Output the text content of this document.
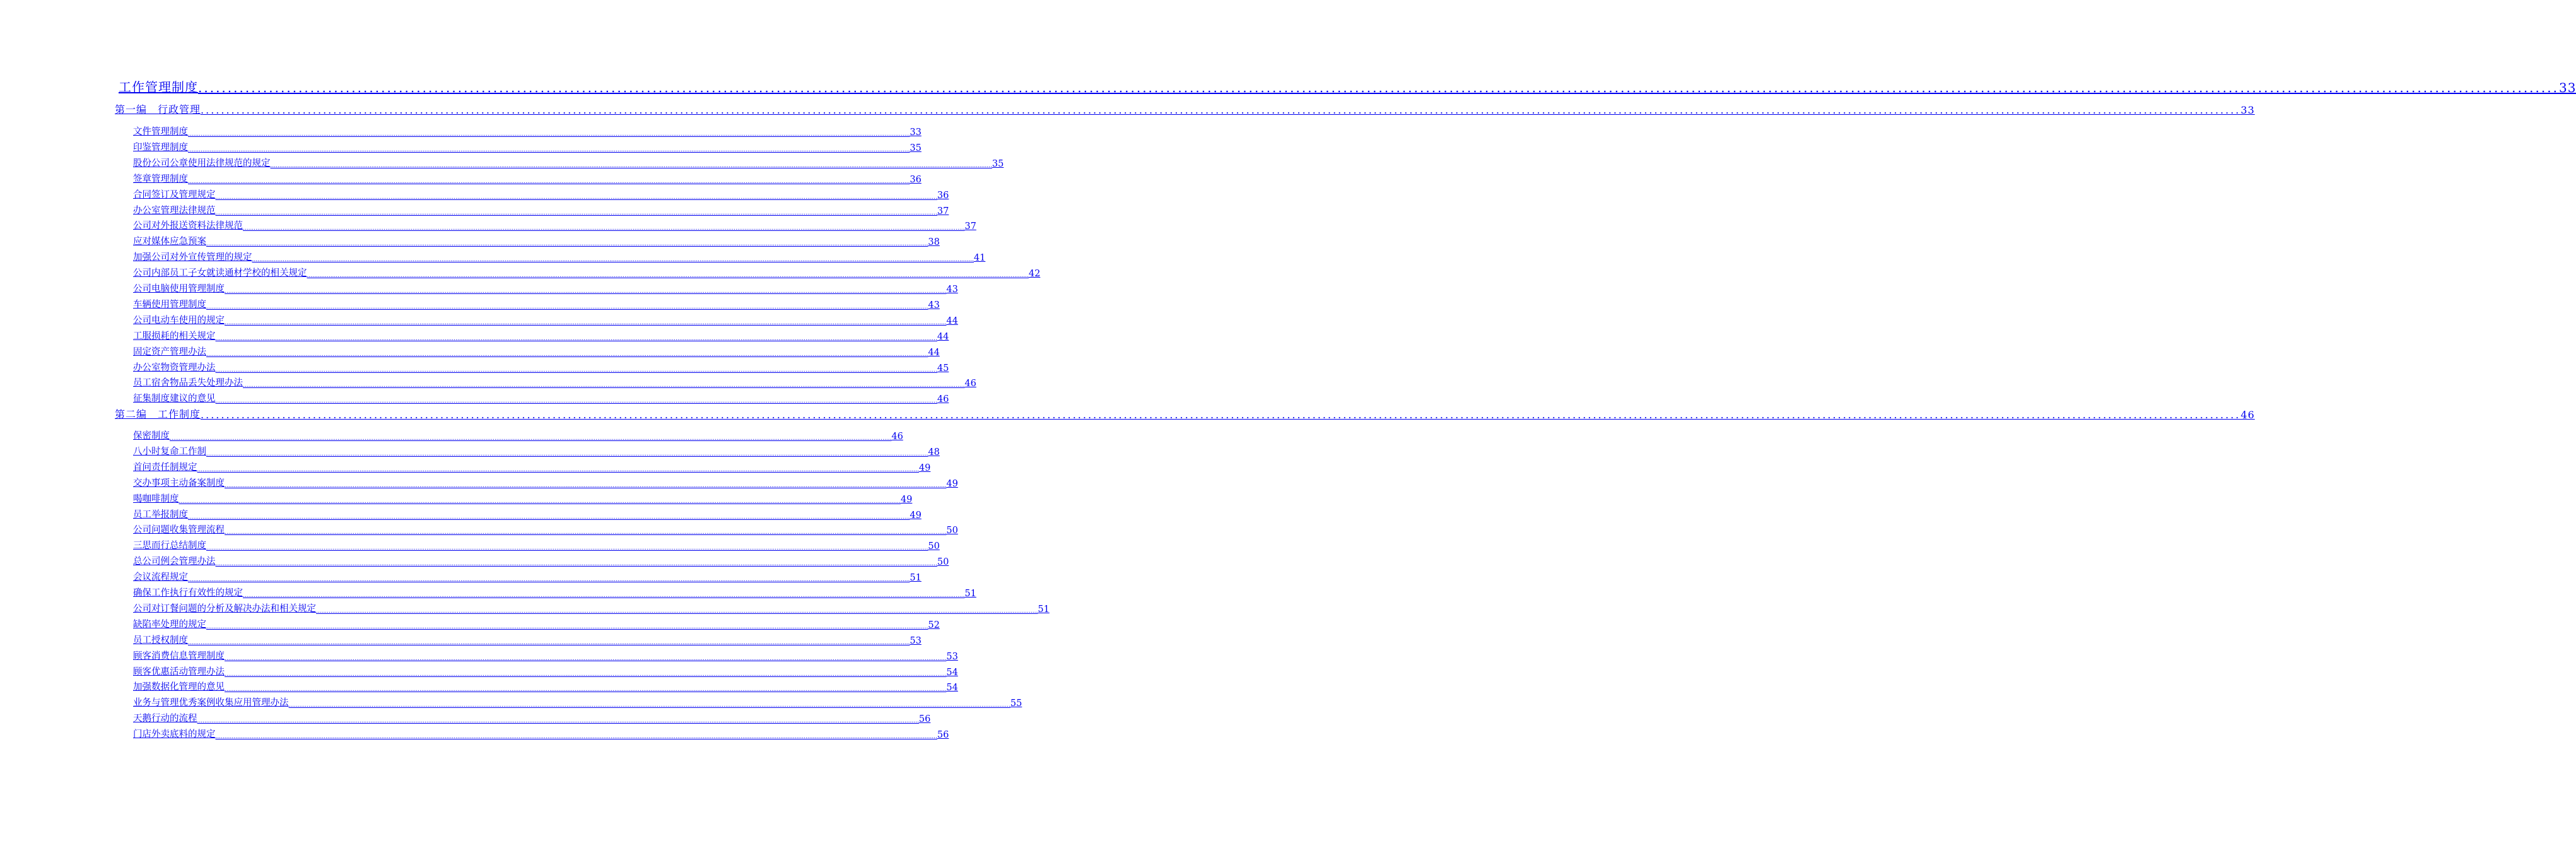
工作管理制度 ................................................................................................................................................................................................................................................................................................................................................................................................................ 33
第一编　行政管理 ................................................................................................................................................................................................................................................................................................................................................................................................................ 33
文件管理制度 ................................................................................................................................................................................................................................................................................................................................................................................................................ 33
印鉴管理制度 ................................................................................................................................................................................................................................................................................................................................................................................................................ 35
股份公司公章使用法律规范的规定 ................................................................................................................................................................................................................................................................................................................................................................................................................ 35
签章管理制度 ................................................................................................................................................................................................................................................................................................................................................................................................................ 36
合同签订及管理规定 ................................................................................................................................................................................................................................................................................................................................................................................................................ 36
办公室管理法律规范 ................................................................................................................................................................................................................................................................................................................................................................................................................ 37
公司对外报送资料法律规范 ................................................................................................................................................................................................................................................................................................................................................................................................................ 37
应对媒体应急预案 ................................................................................................................................................................................................................................................................................................................................................................................................................ 38
加强公司对外宣传管理的规定 ................................................................................................................................................................................................................................................................................................................................................................................................................ 41
公司内部员工子女就读通材学校的相关规定 ................................................................................................................................................................................................................................................................................................................................................................................................................ 42
公司电脑使用管理制度 ................................................................................................................................................................................................................................................................................................................................................................................................................ 43
车辆使用管理制度 ................................................................................................................................................................................................................................................................................................................................................................................................................ 43
公司电动车使用的规定 ................................................................................................................................................................................................................................................................................................................................................................................................................ 44
工服损耗的相关规定 ................................................................................................................................................................................................................................................................................................................................................................................................................ 44
固定资产管理办法 ................................................................................................................................................................................................................................................................................................................................................................................................................ 44
办公室物资管理办法 ................................................................................................................................................................................................................................................................................................................................................................................................................ 45
员工宿舍物品丢失处理办法 ................................................................................................................................................................................................................................................................................................................................................................................................................ 46
征集制度建议的意见 ................................................................................................................................................................................................................................................................................................................................................................................................................ 46
第二编　工作制度 ................................................................................................................................................................................................................................................................................................................................................................................................................ 46
保密制度 ................................................................................................................................................................................................................................................................................................................................................................................................................ 46
八小时复命工作制 ................................................................................................................................................................................................................................................................................................................................................................................................................ 48
首问责任制规定 ................................................................................................................................................................................................................................................................................................................................................................................................................ 49
交办事项主动备案制度 ................................................................................................................................................................................................................................................................................................................................................................................................................ 49
喝咖啡制度 ................................................................................................................................................................................................................................................................................................................................................................................................................ 49
员工举报制度 ................................................................................................................................................................................................................................................................................................................................................................................................................ 49
公司问题收集管理流程 ................................................................................................................................................................................................................................................................................................................................................................................................................ 50
三思而行总结制度 ................................................................................................................................................................................................................................................................................................................................................................................................................ 50
总公司例会管理办法 ................................................................................................................................................................................................................................................................................................................................................................................................................ 50
会议流程规定 ................................................................................................................................................................................................................................................................................................................................................................................................................ 51
确保工作执行有效性的规定 ................................................................................................................................................................................................................................................................................................................................................................................................................ 51
公司对订餐问题的分析及解决办法和相关规定 ................................................................................................................................................................................................................................................................................................................................................................................................................ 51
缺陷率处理的规定 ................................................................................................................................................................................................................................................................................................................................................................................................................ 52
员工授权制度 ................................................................................................................................................................................................................................................................................................................................................................................................................ 53
顾客消费信息管理制度 ................................................................................................................................................................................................................................................................................................................................................................................................................ 53
顾客优惠活动管理办法 ................................................................................................................................................................................................................................................................................................................................................................................................................ 54
加强数据化管理的意见 ................................................................................................................................................................................................................................................................................................................................................................................................................ 54
业务与管理优秀案例收集应用管理办法 ................................................................................................................................................................................................................................................................................................................................................................................................................ 55
天鹅行动的流程 ................................................................................................................................................................................................................................................................................................................................................................................................................ 56
门店外卖底料的规定 ................................................................................................................................................................................................................................................................................................................................................................................................................ 56
